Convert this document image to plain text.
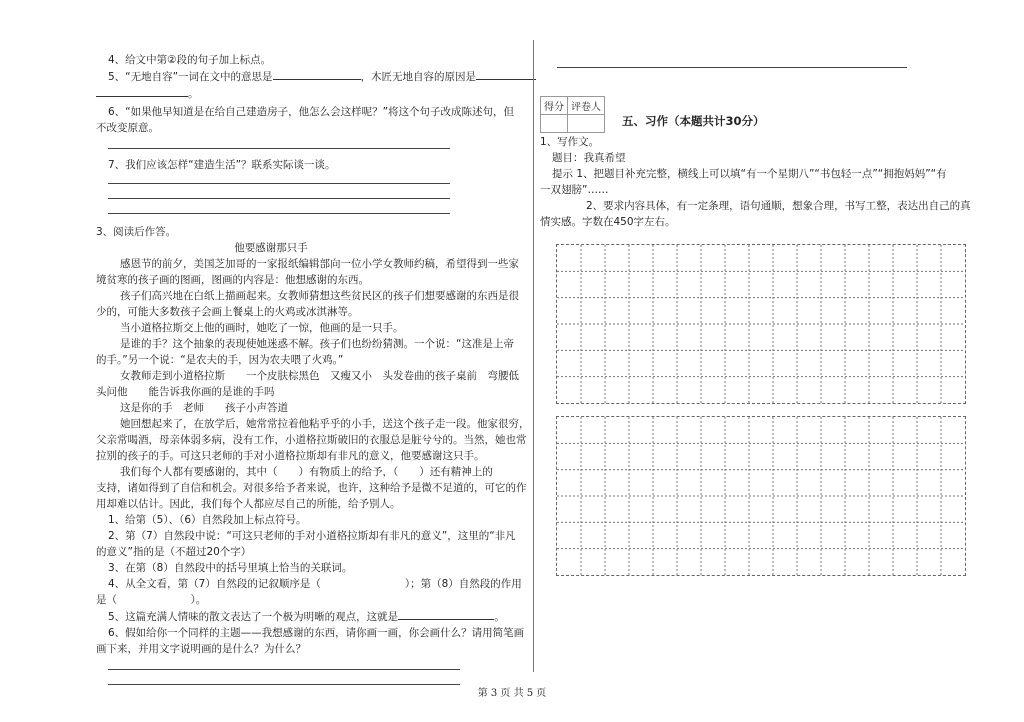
4、给文中第②段的句子加上标点。
5、“无地自容”一词在文中的意思是	，木匠无地自容的原因是
。
6、“如果他早知道是在给自己建造房子，他怎么会这样呢？”将这个句子改成陈述句，但
不改变原意。
7、我们应该怎样“建造生活”？联系实际谈一谈。
3、阅读后作答。
他要感谢那只手
感恩节的前夕，美国芝加哥的一家报纸编辑部向一位小学女教师约稿，希望得到一些家
境贫寒的孩子画的图画，图画的内容是：他想感谢的东西。
孩子们高兴地在白纸上描画起来。女教师猜想这些贫民区的孩子们想要感谢的东西是很
少的，可能大多数孩子会画上餐桌上的火鸡或冰淇淋等。
当小道格拉斯交上他的画时，她吃了一惊，他画的是一只手。
是谁的手？这个抽象的表现使她迷惑不解。孩子们也纷纷猜测。一个说：“这准是上帝
的手。”另一个说：“是农夫的手，因为农夫喂了火鸡。”
女教师走到小道格拉斯　　一个皮肤棕黑色　又瘦又小　头发卷曲的孩子桌前　弯腰低
头问他　　能告诉我你画的是谁的手吗
这是你的手　老师　　孩子小声答道
她回想起来了，在放学后，她常常拉着他粘乎乎的小手，送这个孩子走一段。他家很穷，
父亲常喝酒，母亲体弱多病，没有工作，小道格拉斯破旧的衣服总是脏兮兮的。当然，她也常
拉别的孩子的手。可这只老师的手对小道格拉斯却有非凡的意义，他要感谢这只手。
我们每个人都有要感谢的，其中（　　）有物质上的给予，（　　）还有精神上的
支持，诸如得到了自信和机会。对很多给予者来说，也许，这种给予是微不足道的，可它的作
用却难以估计。因此，我们每个人都应尽自己的所能，给予别人。
1、给第（5）、（6）自然段加上标点符号。
2、第（7）自然段中说：“可这只老师的手对小道格拉斯却有非凡的意义”，这里的“非凡
的意义”指的是（不超过20个字）
3、在第（8）自然段中的括号里填上恰当的关联词。
4、从全文看，第（7）自然段的记叙顺序是（　　　　　　　　）；第（8）自然段的作用
是（　　　　　　　）。
5、这篇充满人情味的散文表达了一个极为明晰的观点，这就是	。
6、假如给你一个同样的主题——我想感谢的东西，请你画一画，你会画什么？请用简笔画
画下来，并用文字说明画的是什么？为什么？
得分	评卷人

五、习作（本题共计30分）
1、写作文。
题目：我真希望
提示 1、把题目补充完整，横线上可以填“有一个星期八”“书包轻一点”“拥抱妈妈”“有
一双翅膀”……
2、要求内容具体，有一定条理，语句通顺，想象合理，书写工整，表达出自己的真
情实感。字数在450字左右。
第 3 页 共 5 页
